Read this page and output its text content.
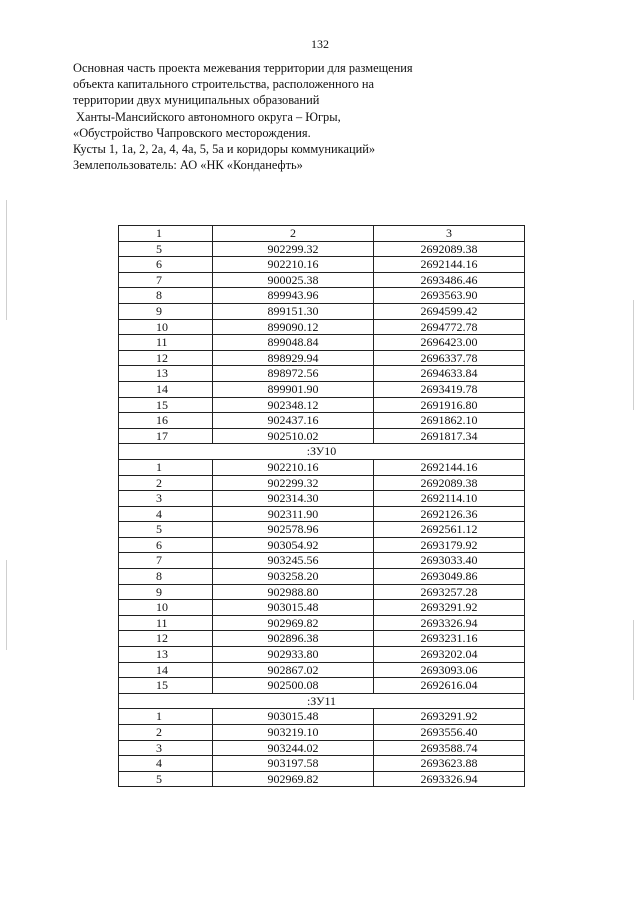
132
Основная часть проекта межевания территории для размещения
объекта капитального строительства, расположенного на
территории двух муниципальных образований
Ханты-Мансийского автономного округа – Югры,
«Обустройство Чапровского месторождения.
Кусты 1, 1а, 2, 2а, 4, 4а, 5, 5а и коридоры коммуникаций»
Землепользователь: АО «НК «Конданефть»
1	2	3
5	902299.32	2692089.38
6	902210.16	2692144.16
7	900025.38	2693486.46
8	899943.96	2693563.90
9	899151.30	2694599.42
10	899090.12	2694772.78
11	899048.84	2696423.00
12	898929.94	2696337.78
13	898972.56	2694633.84
14	899901.90	2693419.78
15	902348.12	2691916.80
16	902437.16	2691862.10
17	902510.02	2691817.34
:ЗУ10		
1	902210.16	2692144.16
2	902299.32	2692089.38
3	902314.30	2692114.10
4	902311.90	2692126.36
5	902578.96	2692561.12
6	903054.92	2693179.92
7	903245.56	2693033.40
8	903258.20	2693049.86
9	902988.80	2693257.28
10	903015.48	2693291.92
11	902969.82	2693326.94
12	902896.38	2693231.16
13	902933.80	2693202.04
14	902867.02	2693093.06
15	902500.08	2692616.04
:ЗУ11		
1	903015.48	2693291.92
2	903219.10	2693556.40
3	903244.02	2693588.74
4	903197.58	2693623.88
5	902969.82	2693326.94
